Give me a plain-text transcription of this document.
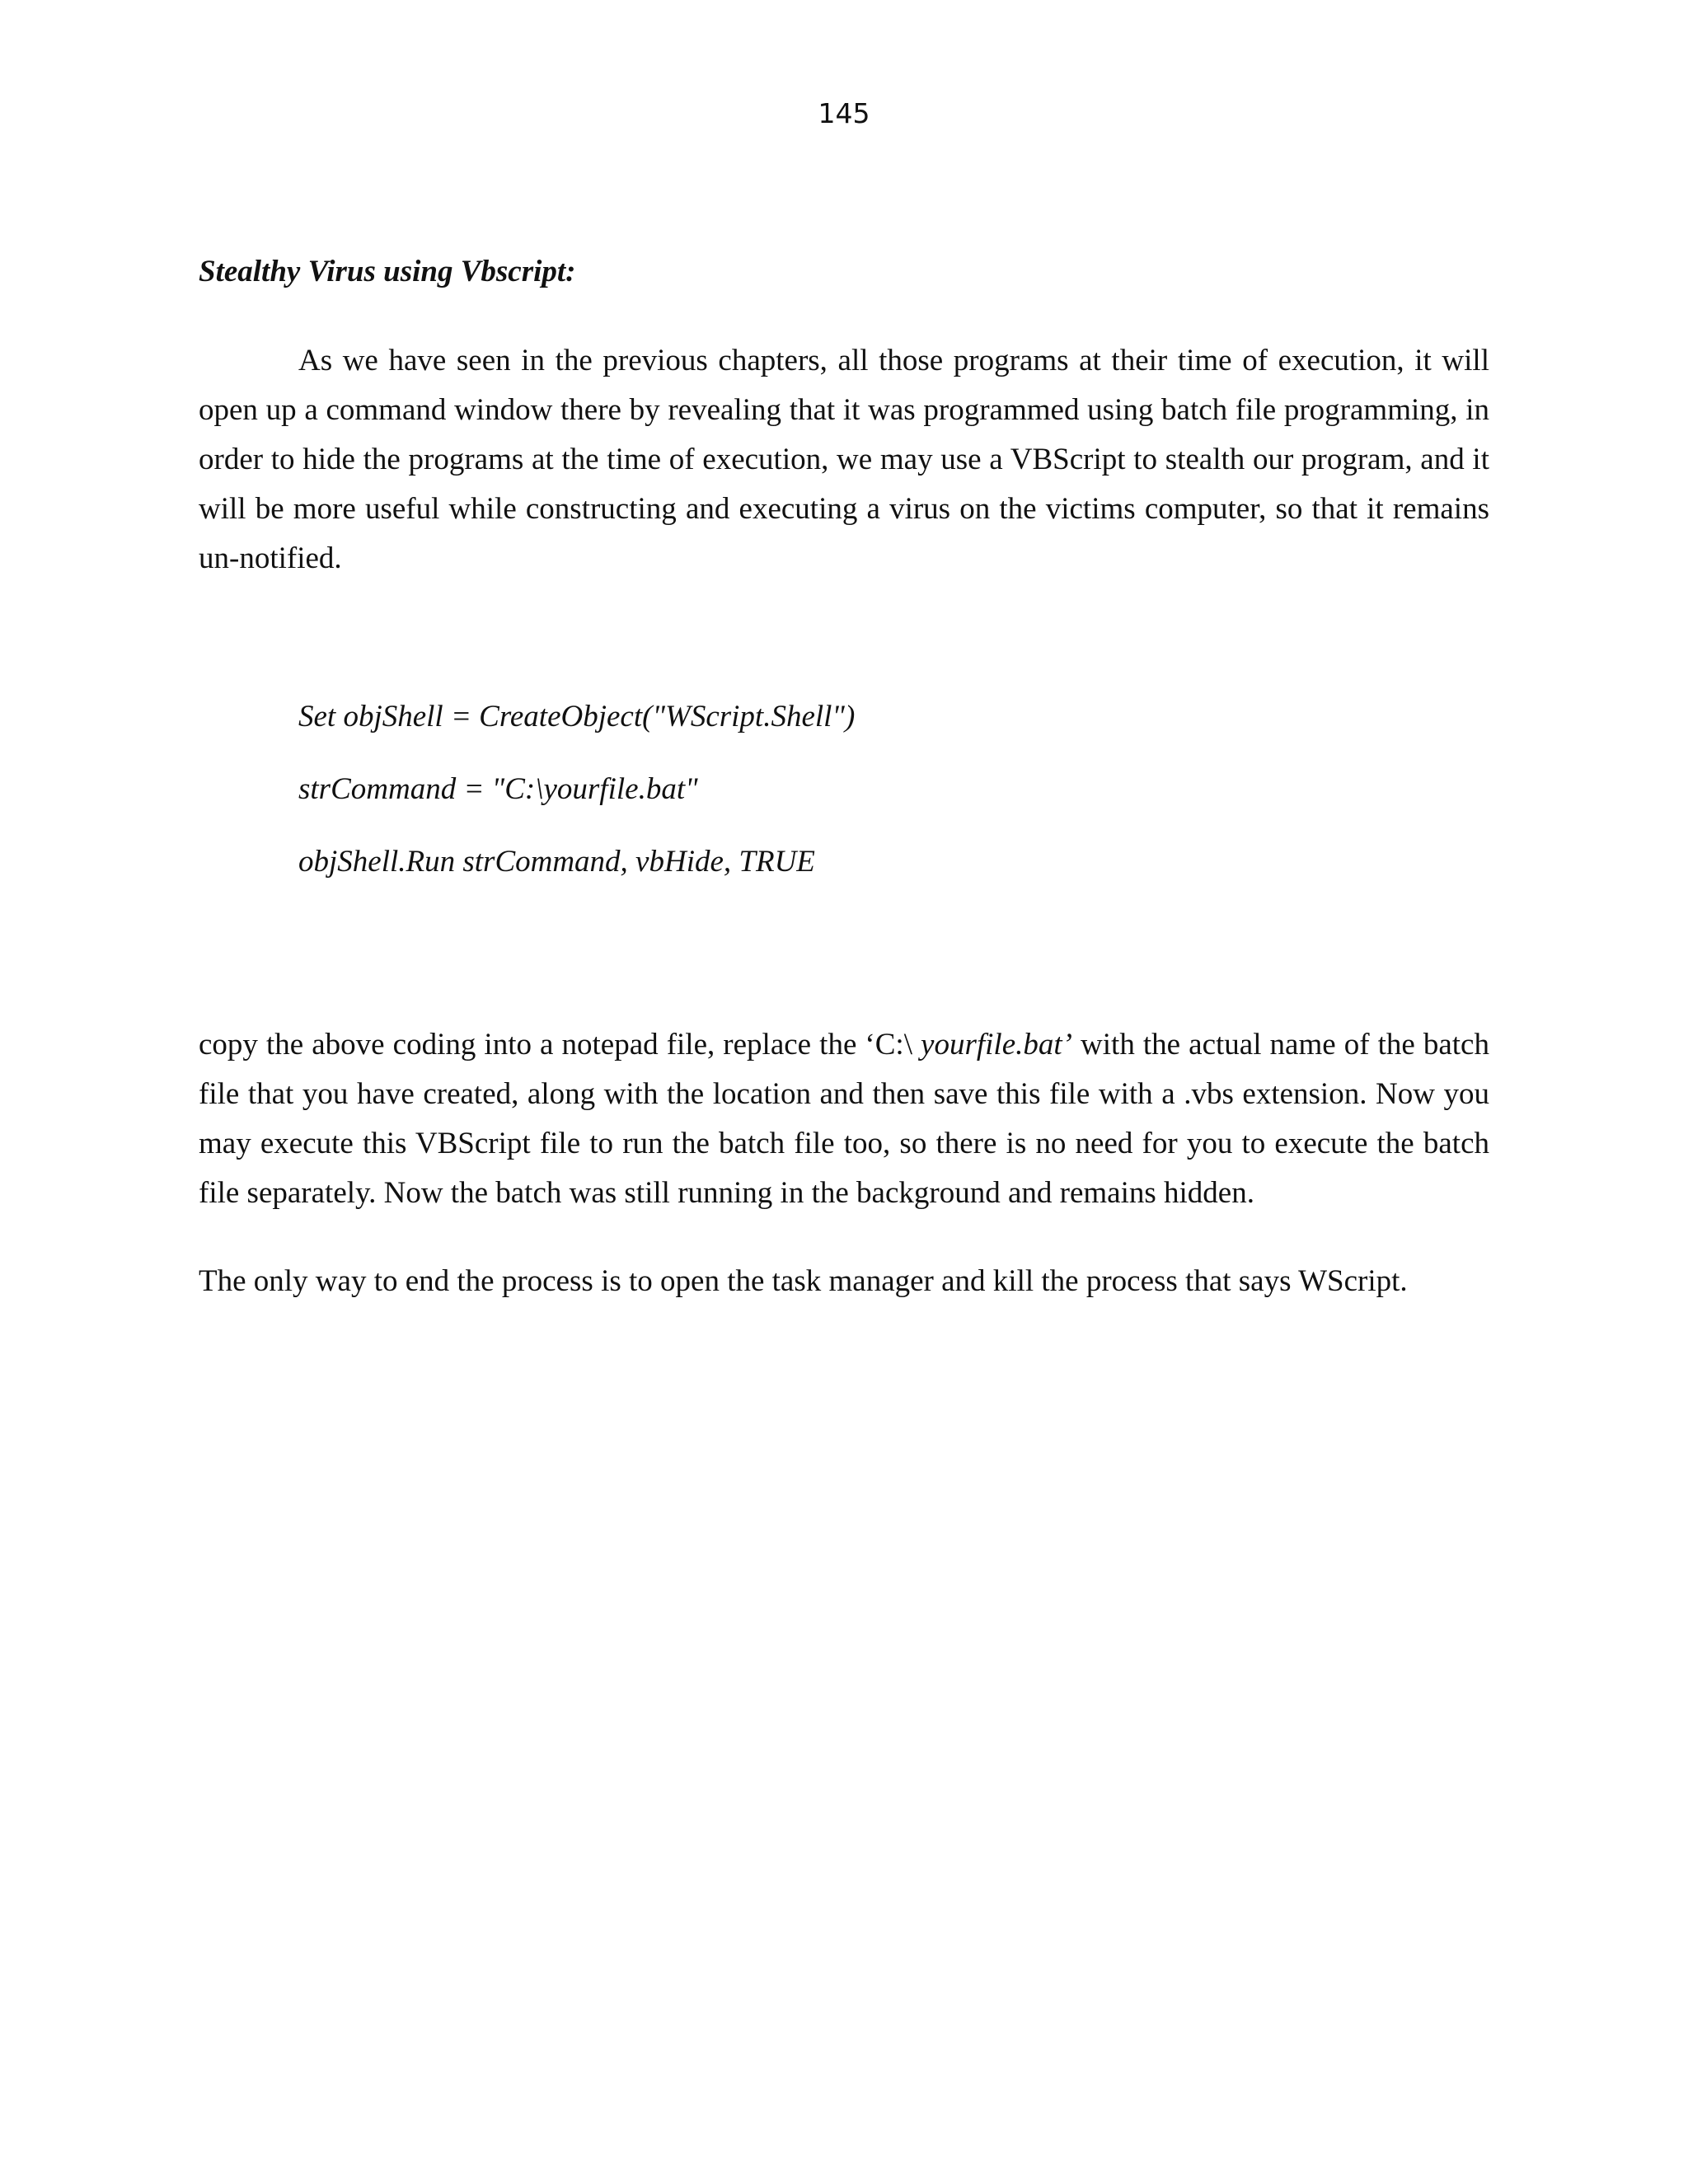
145
Stealthy Virus using Vbscript:

As we have seen in the previous chapters, all those programs at their time of execution, it will open up a command window there by revealing that it was programmed using batch file programming, in order to hide the programs at the time of execution, we may use a VBScript to stealth our program, and it will be more useful while constructing and executing a virus on the victims computer, so that it remains un-notified.

Set objShell = CreateObject("WScript.Shell")

strCommand = "C:\yourfile.bat"

objShell.Run strCommand, vbHide, TRUE

copy the above coding into a notepad file, replace the ‘C:\ yourfile.bat’ with the actual name of the batch file that you have created, along with the location and then save this file with a .vbs extension. Now you may execute this VBScript file to run the batch file too, so there is no need for you to execute the batch file separately. Now the batch was still running in the background and remains hidden.

The only way to end the process is to open the task manager and kill the process that says WScript.
